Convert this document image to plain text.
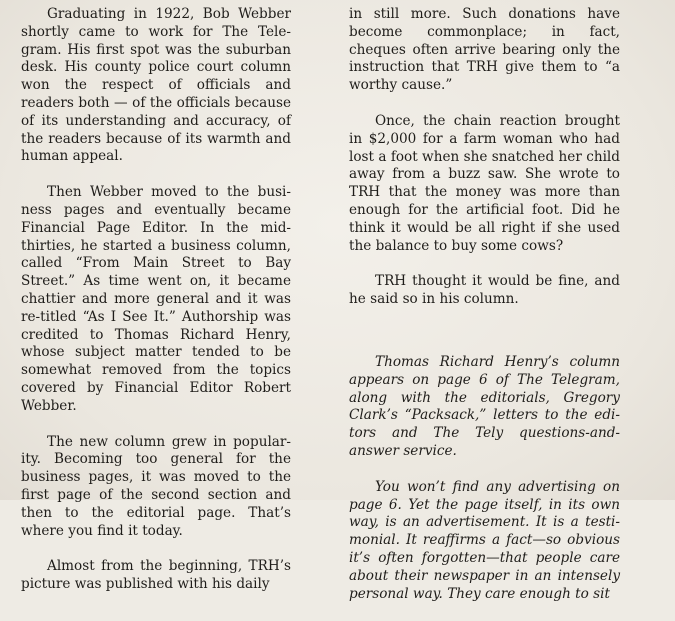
Graduating in 1922, Bob Webber shortly came to work for The Telegram. His first spot was the suburban desk. His county police court column won the respect of officials and readers both — of the officials because of its understanding and accuracy, of the readers because of its warmth and human appeal.

Then Webber moved to the business pages and eventually became Financial Page Editor. In the midthirties, he started a business column, called “From Main Street to Bay Street.” As time went on, it became chattier and more general and it was re-titled “As I See It.” Authorship was credited to Thomas Richard Henry, whose subject matter tended to be somewhat removed from the topics covered by Financial Editor Robert Webber.

The new column grew in popularity. Becoming too general for the business pages, it was moved to the first page of the second section and then to the editorial page. That’s where you find it today.

Almost from the beginning, TRH’s picture was published with his daily

in still more. Such donations have become commonplace; in fact, cheques often arrive bearing only the instruction that TRH give them to “a worthy cause.”

Once, the chain reaction brought in $2,000 for a farm woman who had lost a foot when she snatched her child away from a buzz saw. She wrote to TRH that the money was more than enough for the artificial foot. Did he think it would be all right if she used the balance to buy some cows?

TRH thought it would be fine, and he said so in his column.

Thomas Richard Henry’s column appears on page 6 of The Telegram, along with the editorials, Gregory Clark’s “Packsack,” letters to the editors and The Tely questions-and-answer service.

You won’t find any advertising on page 6. Yet the page itself, in its own way, is an advertisement. It is a testimonial. It reaffirms a fact—so obvious it’s often forgotten—that people care about their newspaper in an intensely personal way. They care enough to sit
